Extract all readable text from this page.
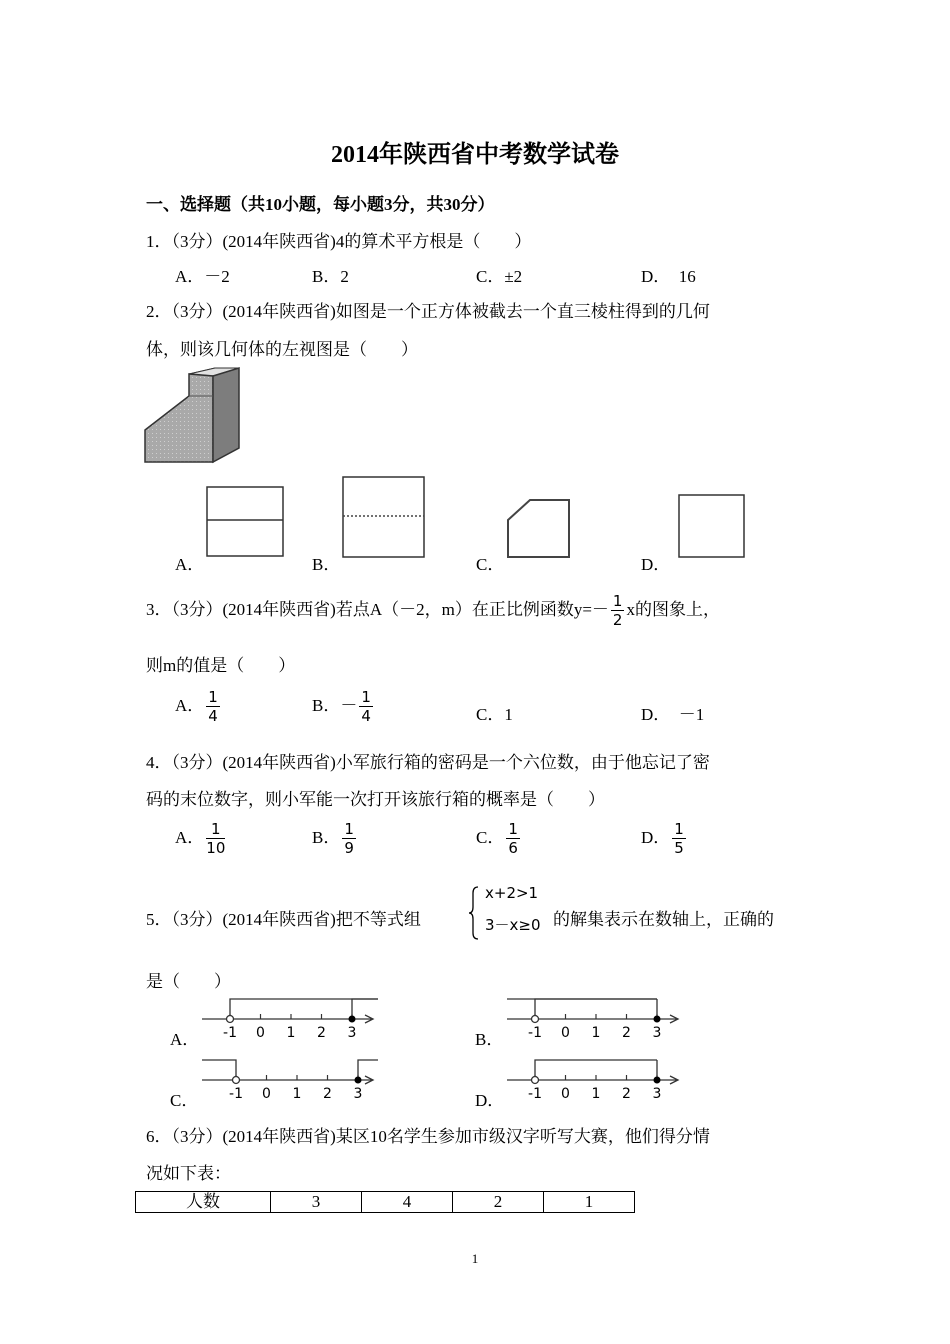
2014年陕西省中考数学试卷
一、选择题（共10小题，每小题3分，共30分）
1．（3分）(2014年陕西省)4的算术平方根是（　　）
A．－2	B．2	C．±2	D．　16
2．（3分）(2014年陕西省)如图是一个正方体被截去一个直三棱柱得到的几何
体，则该几何体的左视图是（　　）
A．	B．	C．	D．
3．（3分）(2014年陕西省)若点A（－2，m）在正比例函数$y=- \frac{1}{2}$ x的图象上，
则m的值是（　　）
A． $\frac{1}{4}$	B．－ $\frac{1}{4}$	C．1	D．　－1
4．（3分）(2014年陕西省)小军旅行箱的密码是一个六位数，由于他忘记了密
码的末位数字，则小军能一次打开该旅行箱的概率是（　　）
A． $\frac{1}{10}$	B． $\frac{1}{9}$	C． $\frac{1}{6}$	D． $\frac{1}{5}$
5．（3分）(2014年陕西省)把不等式组
x+2>1
3－x≥0 的解集表示在数轴上，正确的
是（　　）
A．	B．
C．	D．
-1 0 1 2 3	-1 0 1 2 3
-1 0 1 2 3	-1 0 1 2 3
6．（3分）(2014年陕西省)某区10名学生参加市级汉字听写大赛，他们得分情
况如下表：
人数	3	4	2	1
1
